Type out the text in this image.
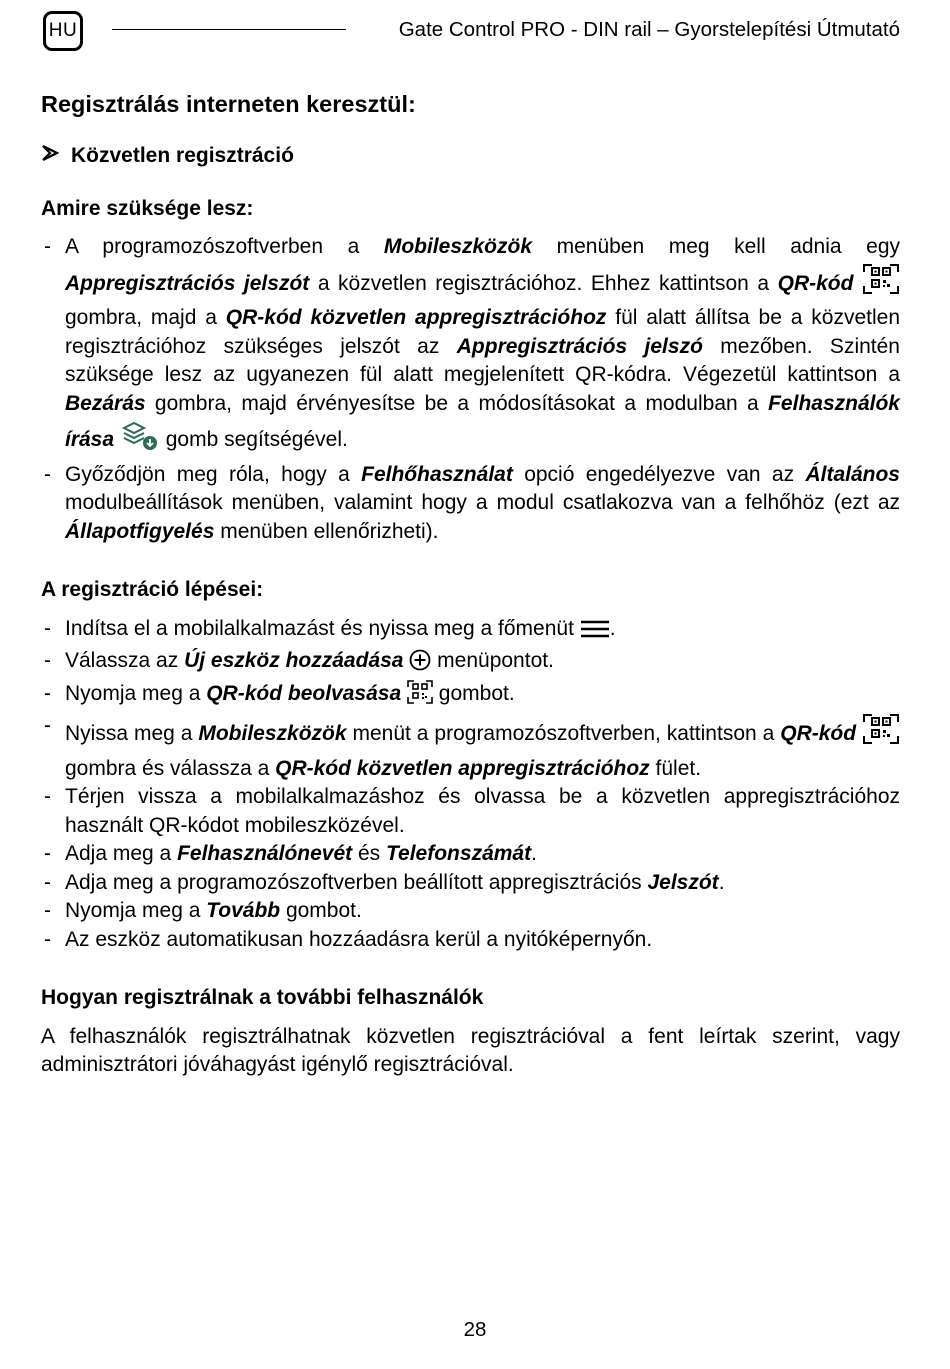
HU	Gate Control PRO - DIN rail – Gyorstelepítési Útmutató
Regisztrálás interneten keresztül:
Közvetlen regisztráció
Amire szüksége lesz:
- A programozószoftverben a Mobileszközök menüben meg kell adnia egy Appregisztrációs jelszót a közvetlen regisztrációhoz. Ehhez kattintson a QR-kód  gombra, majd a QR-kód közvetlen appregisztrációhoz fül alatt állítsa be a közvetlen regisztrációhoz szükséges jelszót az Appregisztrációs jelszó mezőben. Szintén szüksége lesz az ugyanezen fül alatt megjelenített QR-kódra. Végezetül kattintson a Bezárás gombra, majd érvényesítse be a módosításokat a modulban a Felhasználók írása  gomb segítségével.
- Győződjön meg róla, hogy a Felhőhasználat opció engedélyezve van az Általános modulbeállítások menüben, valamint hogy a modul csatlakozva van a felhőhöz (ezt az Állapotfigyelés menüben ellenőrizheti).
A regisztráció lépései:
- Indítsa el a mobilalkalmazást és nyissa meg a főmenüt .
- Válassza az Új eszköz hozzáadása  menüpontot.
- Nyomja meg a QR-kód beolvasása  gombot.
- Nyissa meg a Mobileszközök menüt a programozószoftverben, kattintson a QR-kód  gombra és válassza a QR-kód közvetlen appregisztrációhoz fület.
- Térjen vissza a mobilalkalmazáshoz és olvassa be a közvetlen appregisztrációhoz használt QR-kódot mobileszközével.
- Adja meg a Felhasználónevét és Telefonszámát.
- Adja meg a programozószoftverben beállított appregisztrációs Jelszót.
- Nyomja meg a Tovább gombot.
- Az eszköz automatikusan hozzáadásra kerül a nyitóképernyőn.
Hogyan regisztrálnak a további felhasználók

A felhasználók regisztrálhatnak közvetlen regisztrációval a fent leírtak szerint, vagy adminisztrátori jóváhagyást igénylő regisztrációval.

28
